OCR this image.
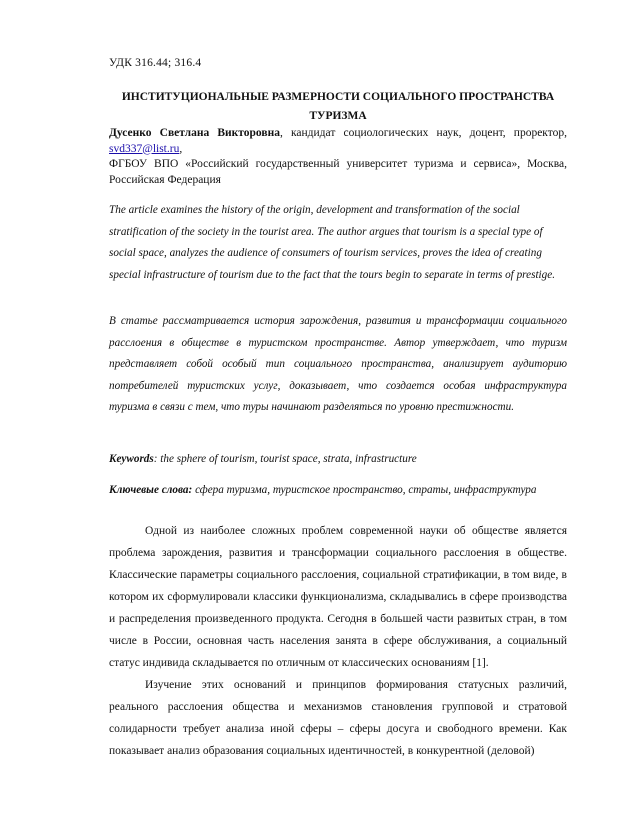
УДК 316.44; 316.4
ИНСТИТУЦИОНАЛЬНЫЕ РАЗМЕРНОСТИ СОЦИАЛЬНОГО ПРОСТРАНСТВА ТУРИЗМА
Дусенко Светлана Викторовна, кандидат социологических наук, доцент, проректор, svd337@list.ru,
ФГБОУ ВПО «Российский государственный университет туризма и сервиса», Москва, Российская Федерация
The article examines the history of the origin, development and transformation of the social stratification of the society in the tourist area. The author argues that tourism is a special type of social space, analyzes the audience of consumers of tourism services, proves the idea of creating special infrastructure of tourism due to the fact that the tours begin to separate in terms of prestige.
В статье рассматривается история зарождения, развития и трансформации социального расслоения в обществе в туристском пространстве. Автор утверждает, что туризм представляет собой особый тип социального пространства, анализирует аудиторию потребителей туристских услуг, доказывает, что создается особая инфраструктура туризма в связи с тем, что туры начинают разделяться по уровню престижности.
Keywords: the sphere of tourism, tourist space, strata, infrastructure
Ключевые слова: сфера туризма, туристское пространство, страты, инфраструктура

Одной из наиболее сложных проблем современной науки об обществе является проблема зарождения, развития и трансформации социального расслоения в обществе. Классические параметры социального расслоения, социальной стратификации, в том виде, в котором их сформулировали классики функционализма, складывались в сфере производства и распределения произведенного продукта. Сегодня в большей части развитых стран, в том числе в России, основная часть населения занята в сфере обслуживания, а социальный статус индивида складывается по отличным от классических основаниям [1].

Изучение этих оснований и принципов формирования статусных различий, реального расслоения общества и механизмов становления групповой и стратовой солидарности требует анализа иной сферы – сферы досуга и свободного времени. Как показывает анализ образования социальных идентичностей, в конкурентной (деловой)
